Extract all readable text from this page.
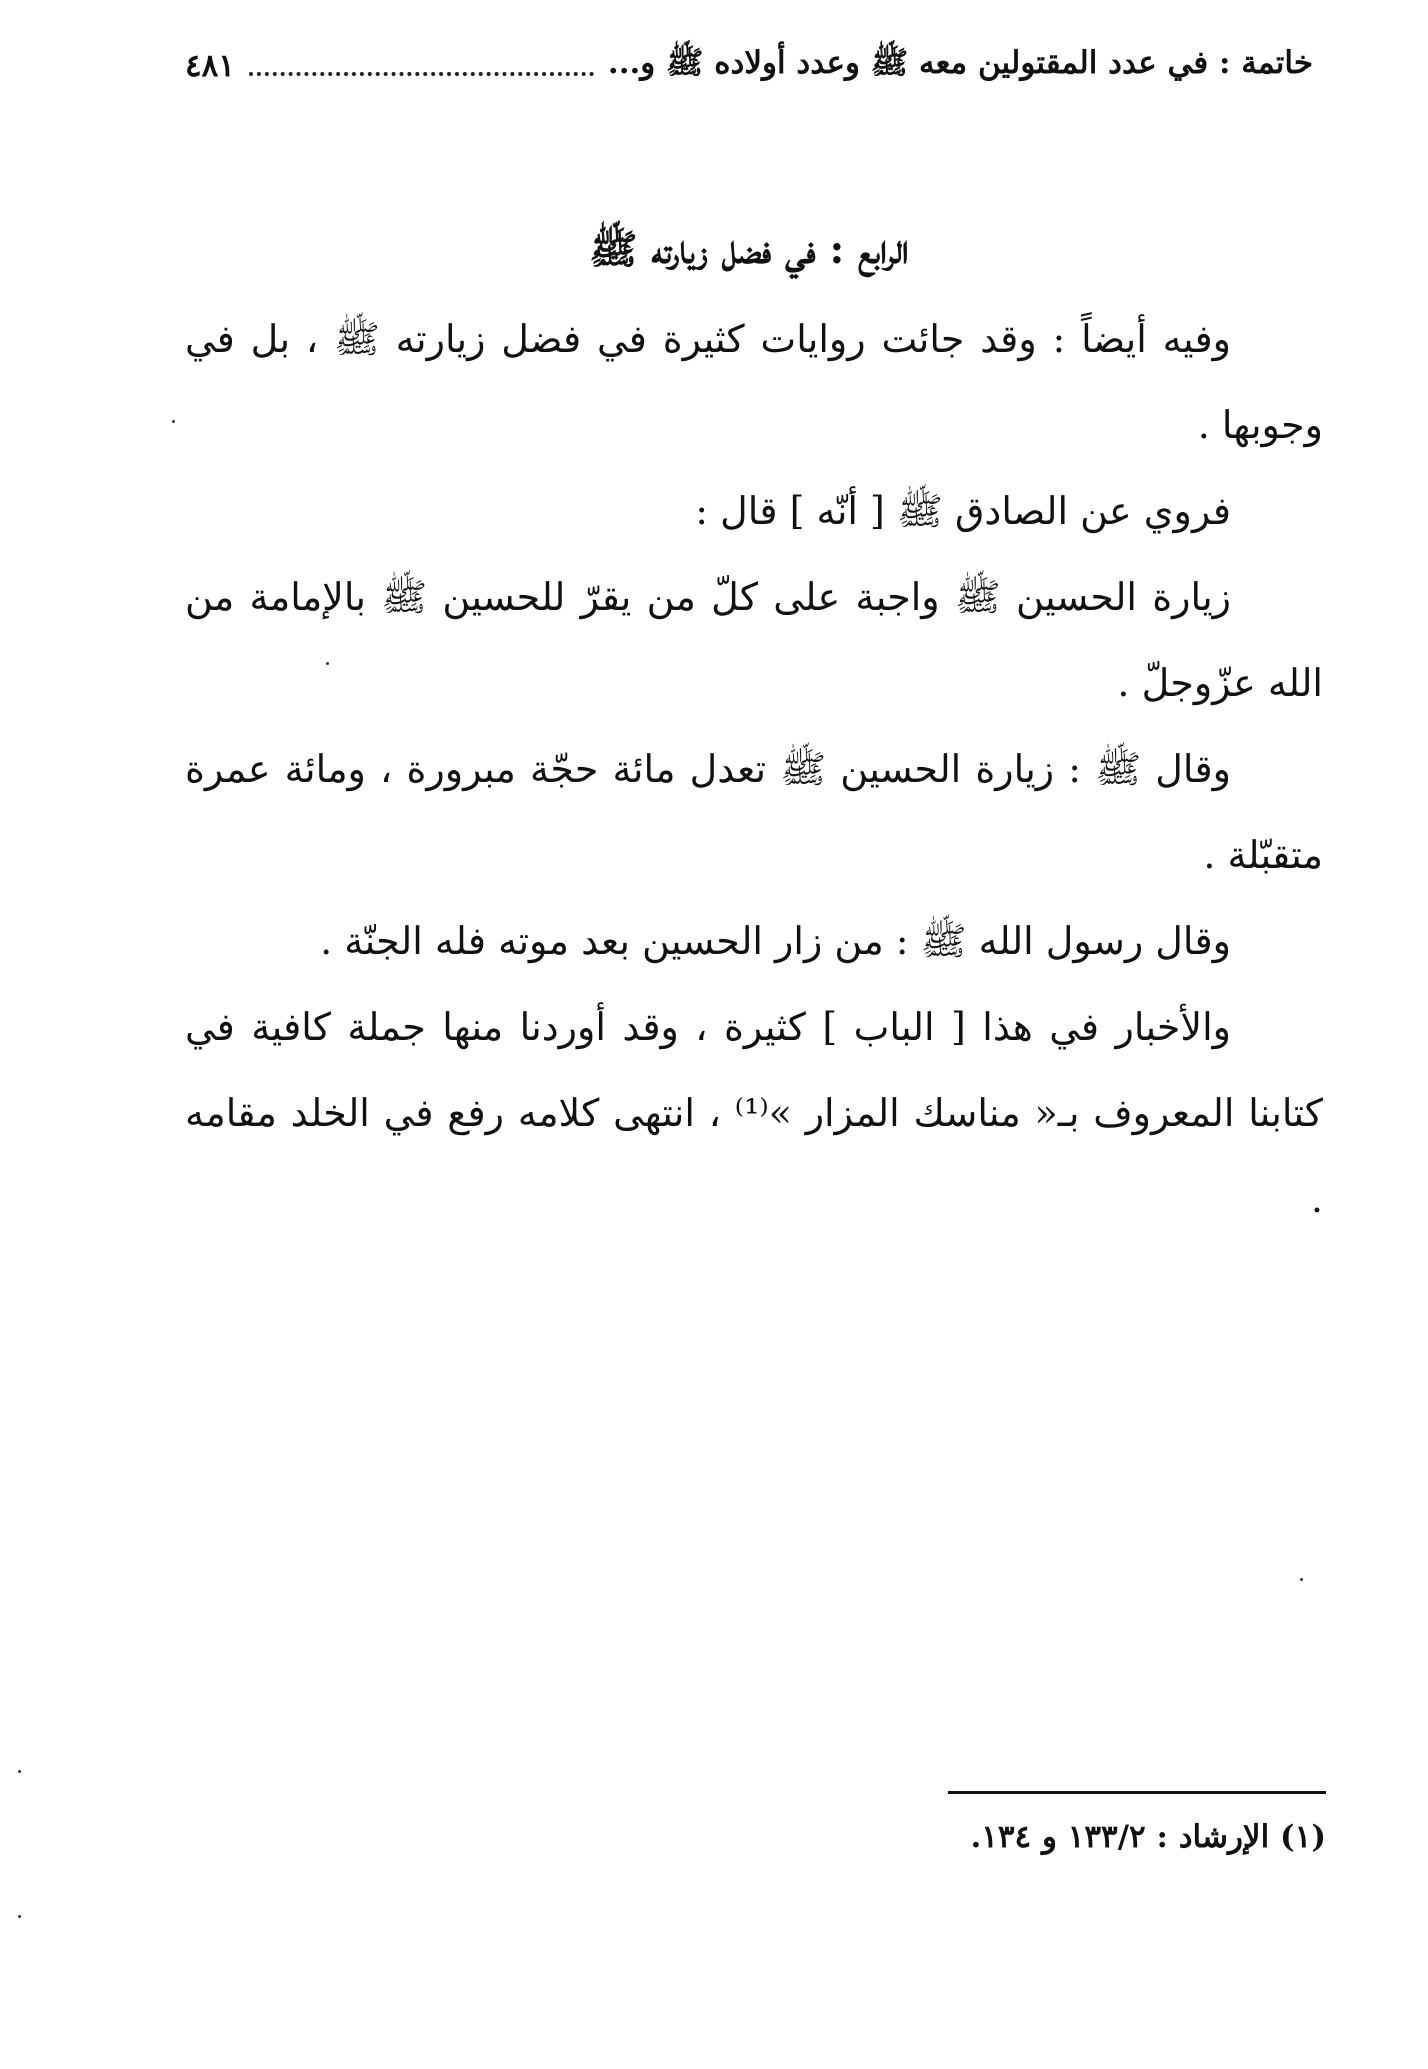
خاتمة : في عدد المقتولين معه ﷺ وعدد أولاده ﷺ و...
٤٨١
الرابع : في فضل زيارته ﷺ

وفيه أيضاً : وقد جائت روايات كثيرة في فضل زيارته ﷺ ، بل في وجوبها .

فروي عن الصادق ﷺ [ أنّه ] قال :

زيارة الحسين ﷺ واجبة على كلّ من يقرّ للحسين ﷺ بالإمامة من الله عزّوجلّ .

وقال ﷺ : زيارة الحسين ﷺ تعدل مائة حجّة مبرورة ، ومائة عمرة متقبّلة .

وقال رسول الله ﷺ : من زار الحسين بعد موته فله الجنّة .

والأخبار في هذا [ الباب ] كثيرة ، وقد أوردنا منها جملة كافية في كتابنا المعروف بـ« مناسك المزار »⁽¹⁾ ، انتهى كلامه رفع في الخلد مقامه .

(١) الإرشاد : ١٣٣/٢ و ١٣٤.
